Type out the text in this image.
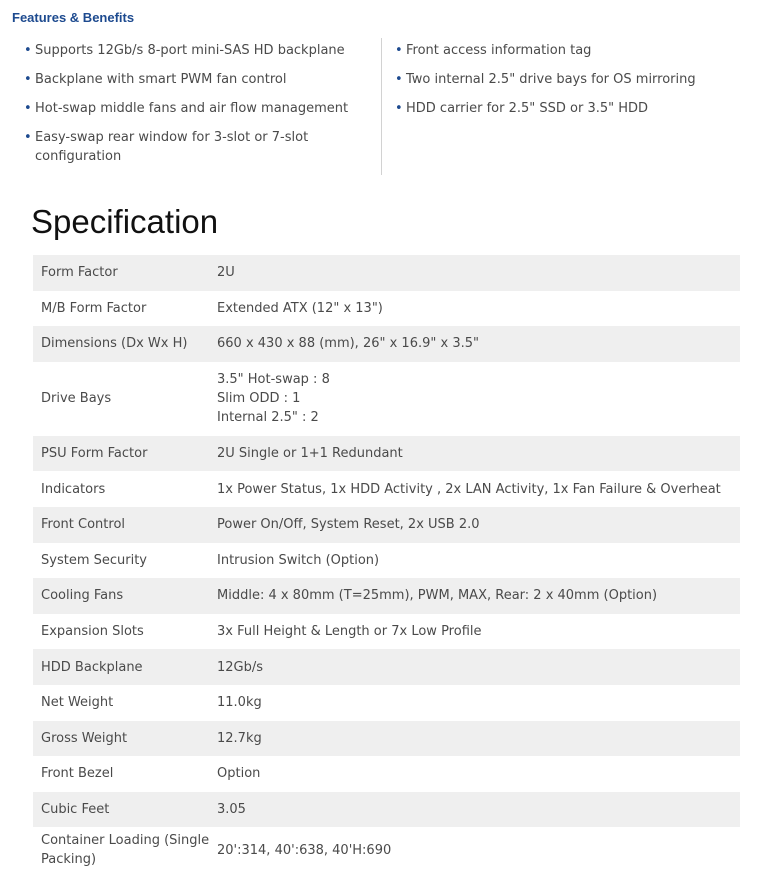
Features & Benefits
• Supports 12Gb/s 8-port mini-SAS HD backplane
• Backplane with smart PWM fan control
• Hot-swap middle fans and air flow management
• Easy-swap rear window for 3-slot or 7-slot configuration
• Front access information tag
• Two internal 2.5" drive bays for OS mirroring
• HDD carrier for 2.5" SSD or 3.5" HDD
Specification
Form Factor	2U
M/B Form Factor	Extended ATX (12" x 13")
Dimensions (Dx Wx H)	660 x 430 x 88 (mm), 26" x 16.9" x 3.5"
Drive Bays	3.5" Hot-swap : 8
Slim ODD : 1
Internal 2.5" : 2

PSU Form Factor	2U Single or 1+1 Redundant
Indicators	1x Power Status, 1x HDD Activity , 2x LAN Activity, 1x Fan Failure & Overheat
Front Control	Power On/Off, System Reset, 2x USB 2.0
System Security	Intrusion Switch (Option)
Cooling Fans	Middle: 4 x 80mm (T=25mm), PWM, MAX, Rear: 2 x 40mm (Option)
Expansion Slots	3x Full Height & Length or 7x Low Profile
HDD Backplane	12Gb/s
Net Weight	11.0kg
Gross Weight	12.7kg
Front Bezel	Option
Cubic Feet	3.05
Container Loading (Single Packing)	20':314, 40':638, 40'H:690
